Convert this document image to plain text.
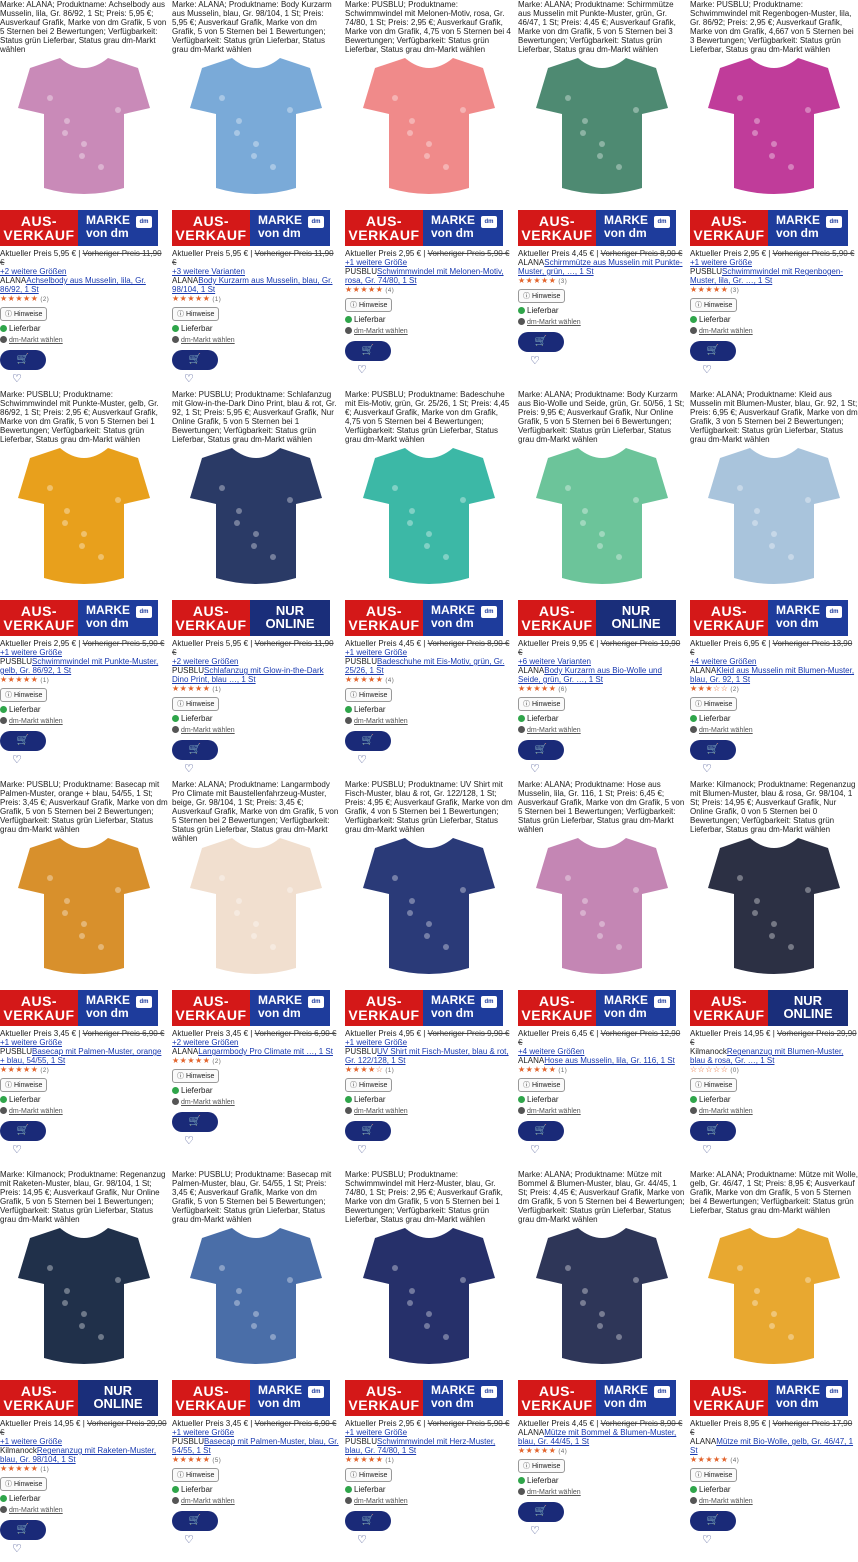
Marke: ALANA; Produktname: Achselbody aus Musselin, lila, Gr. 86/92, 1 St; Preis: 5,95 €; Ausverkauf Grafik, Marke von dm Grafik, 5 von 5 Sternen bei 2 Bewertungen; Verfügbarkeit: Status grün Lieferbar, Status grau dm-Markt wählen
AUS-
VERKAUF
MARKE
von dm
dm
Aktueller Preis 5,95 € | Vorheriger Preis 11,90 €
+2 weitere Größen
ALANAAchselbody aus Musselin, lila, Gr. 86/92, 1 St
★★★★★ (2)
ⓘ Hinweise
Lieferbar
dm-Markt wählen
🛒
♡
Marke: ALANA; Produktname: Body Kurzarm aus Musselin, blau, Gr. 98/104, 1 St; Preis: 5,95 €; Ausverkauf Grafik, Marke von dm Grafik, 5 von 5 Sternen bei 1 Bewertungen; Verfügbarkeit: Status grün Lieferbar, Status grau dm-Markt wählen
AUS-
VERKAUF
MARKE
von dm
dm
Aktueller Preis 5,95 € | Vorheriger Preis 11,90 €
+3 weitere Varianten
ALANABody Kurzarm aus Musselin, blau, Gr. 98/104, 1 St
★★★★★ (1)
ⓘ Hinweise
Lieferbar
dm-Markt wählen
🛒
♡
Marke: PUSBLU; Produktname: Schwimmwindel mit Melonen-Motiv, rosa, Gr. 74/80, 1 St; Preis: 2,95 €; Ausverkauf Grafik, Marke von dm Grafik, 4,75 von 5 Sternen bei 4 Bewertungen; Verfügbarkeit: Status grün Lieferbar, Status grau dm-Markt wählen
AUS-
VERKAUF
MARKE
von dm
dm
Aktueller Preis 2,95 € | Vorheriger Preis 5,90 €
+1 weitere Größe
PUSBLUSchwimmwindel mit Melonen-Motiv, rosa, Gr. 74/80, 1 St
★★★★★ (4)
ⓘ Hinweise
Lieferbar
dm-Markt wählen
🛒
♡
Marke: ALANA; Produktname: Schirmmütze aus Musselin mit Punkte-Muster, grün, Gr. 46/47, 1 St; Preis: 4,45 €; Ausverkauf Grafik, Marke von dm Grafik, 5 von 5 Sternen bei 3 Bewertungen; Verfügbarkeit: Status grün Lieferbar, Status grau dm-Markt wählen
AUS-
VERKAUF
MARKE
von dm
dm
Aktueller Preis 4,45 € | Vorheriger Preis 8,90 €
ALANASchirmmütze aus Musselin mit Punkte-Muster, grün, …, 1 St
★★★★★ (3)
ⓘ Hinweise
Lieferbar
dm-Markt wählen
🛒
♡
Marke: PUSBLU; Produktname: Schwimmwindel mit Regenbogen-Muster, lila, Gr. 86/92; Preis: 2,95 €; Ausverkauf Grafik, Marke von dm Grafik, 4,667 von 5 Sternen bei 3 Bewertungen; Verfügbarkeit: Status grün Lieferbar, Status grau dm-Markt wählen
AUS-
VERKAUF
MARKE
von dm
dm
Aktueller Preis 2,95 € | Vorheriger Preis 5,90 €
+1 weitere Größe
PUSBLUSchwimmwindel mit Regenbogen-Muster, lila, Gr. …, 1 St
★★★★★ (3)
ⓘ Hinweise
Lieferbar
dm-Markt wählen
🛒
♡
Marke: PUSBLU; Produktname: Schwimmwindel mit Punkte-Muster, gelb, Gr. 86/92, 1 St; Preis: 2,95 €; Ausverkauf Grafik, Marke von dm Grafik, 5 von 5 Sternen bei 1 Bewertungen; Verfügbarkeit: Status grün Lieferbar, Status grau dm-Markt wählen
AUS-
VERKAUF
MARKE
von dm
dm
Aktueller Preis 2,95 € | Vorheriger Preis 5,90 €
+1 weitere Größe
PUSBLUSchwimmwindel mit Punkte-Muster, gelb, Gr. 86/92, 1 St
★★★★★ (1)
ⓘ Hinweise
Lieferbar
dm-Markt wählen
🛒
♡
Marke: PUSBLU; Produktname: Schlafanzug mit Glow-in-the-Dark Dino Print, blau & rot, Gr. 92, 1 St; Preis: 5,95 €; Ausverkauf Grafik, Nur Online Grafik, 5 von 5 Sternen bei 1 Bewertungen; Verfügbarkeit: Status grün Lieferbar, Status grau dm-Markt wählen
AUS-
VERKAUF
NUR
ONLINE
Aktueller Preis 5,95 € | Vorheriger Preis 11,90 €
+2 weitere Größen
PUSBLUSchlafanzug mit Glow-in-the-Dark Dino Print, blau …, 1 St
★★★★★ (1)
ⓘ Hinweise
Lieferbar
dm-Markt wählen
🛒
♡
Marke: PUSBLU; Produktname: Badeschuhe mit Eis-Motiv, grün, Gr. 25/26, 1 St; Preis: 4,45 €; Ausverkauf Grafik, Marke von dm Grafik, 4,75 von 5 Sternen bei 4 Bewertungen; Verfügbarkeit: Status grün Lieferbar, Status grau dm-Markt wählen
AUS-
VERKAUF
MARKE
von dm
dm
Aktueller Preis 4,45 € | Vorheriger Preis 8,90 €
+1 weitere Größe
PUSBLUBadeschuhe mit Eis-Motiv, grün, Gr. 25/26, 1 St
★★★★★ (4)
ⓘ Hinweise
Lieferbar
dm-Markt wählen
🛒
♡
Marke: ALANA; Produktname: Body Kurzarm aus Bio-Wolle und Seide, grün, Gr. 50/56, 1 St; Preis: 9,95 €; Ausverkauf Grafik, Nur Online Grafik, 5 von 5 Sternen bei 6 Bewertungen; Verfügbarkeit: Status grün Lieferbar, Status grau dm-Markt wählen
AUS-
VERKAUF
NUR
ONLINE
Aktueller Preis 9,95 € | Vorheriger Preis 19,90 €
+6 weitere Varianten
ALANABody Kurzarm aus Bio-Wolle und Seide, grün, Gr. …, 1 St
★★★★★ (6)
ⓘ Hinweise
Lieferbar
dm-Markt wählen
🛒
♡
Marke: ALANA; Produktname: Kleid aus Musselin mit Blumen-Muster, blau, Gr. 92, 1 St; Preis: 6,95 €; Ausverkauf Grafik, Marke von dm Grafik, 3 von 5 Sternen bei 2 Bewertungen; Verfügbarkeit: Status grün Lieferbar, Status grau dm-Markt wählen
AUS-
VERKAUF
MARKE
von dm
dm
Aktueller Preis 6,95 € | Vorheriger Preis 13,90 €
+4 weitere Größen
ALANAKleid aus Musselin mit Blumen-Muster, blau, Gr. 92, 1 St
★★★☆☆ (2)
ⓘ Hinweise
Lieferbar
dm-Markt wählen
🛒
♡
Marke: PUSBLU; Produktname: Basecap mit Palmen-Muster, orange + blau, 54/55, 1 St; Preis: 3,45 €; Ausverkauf Grafik, Marke von dm Grafik, 5 von 5 Sternen bei 2 Bewertungen; Verfügbarkeit: Status grün Lieferbar, Status grau dm-Markt wählen
AUS-
VERKAUF
MARKE
von dm
dm
Aktueller Preis 3,45 € | Vorheriger Preis 6,90 €
+1 weitere Größe
PUSBLUBasecap mit Palmen-Muster, orange + blau, 54/55, 1 St
★★★★★ (2)
ⓘ Hinweise
Lieferbar
dm-Markt wählen
🛒
♡
Marke: ALANA; Produktname: Langarmbody Pro Climate mit Baustellenfahrzeug-Muster, beige, Gr. 98/104, 1 St; Preis: 3,45 €; Ausverkauf Grafik, Marke von dm Grafik, 5 von 5 Sternen bei 2 Bewertungen; Verfügbarkeit: Status grün Lieferbar, Status grau dm-Markt wählen
AUS-
VERKAUF
MARKE
von dm
dm
Aktueller Preis 3,45 € | Vorheriger Preis 6,90 €
+2 weitere Größen
ALANALangarmbody Pro Climate mit …, 1 St
★★★★★ (2)
ⓘ Hinweise
Lieferbar
dm-Markt wählen
🛒
♡
Marke: PUSBLU; Produktname: UV Shirt mit Fisch-Muster, blau & rot, Gr. 122/128, 1 St; Preis: 4,95 €; Ausverkauf Grafik, Marke von dm Grafik, 4 von 5 Sternen bei 1 Bewertungen; Verfügbarkeit: Status grün Lieferbar, Status grau dm-Markt wählen
AUS-
VERKAUF
MARKE
von dm
dm
Aktueller Preis 4,95 € | Vorheriger Preis 9,90 €
+1 weitere Größe
PUSBLUUV Shirt mit Fisch-Muster, blau & rot, Gr. 122/128, 1 St
★★★★☆ (1)
ⓘ Hinweise
Lieferbar
dm-Markt wählen
🛒
♡
Marke: ALANA; Produktname: Hose aus Musselin, lila, Gr. 116, 1 St; Preis: 6,45 €; Ausverkauf Grafik, Marke von dm Grafik, 5 von 5 Sternen bei 1 Bewertungen; Verfügbarkeit: Status grün Lieferbar, Status grau dm-Markt wählen
AUS-
VERKAUF
MARKE
von dm
dm
Aktueller Preis 6,45 € | Vorheriger Preis 12,90 €
+4 weitere Größen
ALANAHose aus Musselin, lila, Gr. 116, 1 St
★★★★★ (1)
ⓘ Hinweise
Lieferbar
dm-Markt wählen
🛒
♡
Marke: Kilmanock; Produktname: Regenanzug mit Blumen-Muster, blau & rosa, Gr. 98/104, 1 St; Preis: 14,95 €; Ausverkauf Grafik, Nur Online Grafik, 0 von 5 Sternen bei 0 Bewertungen; Verfügbarkeit: Status grün Lieferbar, Status grau dm-Markt wählen
AUS-
VERKAUF
NUR
ONLINE
Aktueller Preis 14,95 € | Vorheriger Preis 29,90 €
KilmanockRegenanzug mit Blumen-Muster, blau & rosa, Gr. …, 1 St
☆☆☆☆☆ (0)
ⓘ Hinweise
Lieferbar
dm-Markt wählen
🛒
♡
Marke: Kilmanock; Produktname: Regenanzug mit Raketen-Muster, blau, Gr. 98/104, 1 St; Preis: 14,95 €; Ausverkauf Grafik, Nur Online Grafik, 5 von 5 Sternen bei 1 Bewertungen; Verfügbarkeit: Status grün Lieferbar, Status grau dm-Markt wählen
AUS-
VERKAUF
NUR
ONLINE
Aktueller Preis 14,95 € | Vorheriger Preis 29,90 €
+1 weitere Größe
KilmanockRegenanzug mit Raketen-Muster, blau, Gr. 98/104, 1 St
★★★★★ (1)
ⓘ Hinweise
Lieferbar
dm-Markt wählen
🛒
♡
Marke: PUSBLU; Produktname: Basecap mit Palmen-Muster, blau, Gr. 54/55, 1 St; Preis: 3,45 €; Ausverkauf Grafik, Marke von dm Grafik, 5 von 5 Sternen bei 5 Bewertungen; Verfügbarkeit: Status grün Lieferbar, Status grau dm-Markt wählen
AUS-
VERKAUF
MARKE
von dm
dm
Aktueller Preis 3,45 € | Vorheriger Preis 6,90 €
+1 weitere Größe
PUSBLUBasecap mit Palmen-Muster, blau, Gr. 54/55, 1 St
★★★★★ (5)
ⓘ Hinweise
Lieferbar
dm-Markt wählen
🛒
♡
Marke: PUSBLU; Produktname: Schwimmwindel mit Herz-Muster, blau, Gr. 74/80, 1 St; Preis: 2,95 €; Ausverkauf Grafik, Marke von dm Grafik, 5 von 5 Sternen bei 1 Bewertungen; Verfügbarkeit: Status grün Lieferbar, Status grau dm-Markt wählen
AUS-
VERKAUF
MARKE
von dm
dm
Aktueller Preis 2,95 € | Vorheriger Preis 5,90 €
+1 weitere Größe
PUSBLUSchwimmwindel mit Herz-Muster, blau, Gr. 74/80, 1 St
★★★★★ (1)
ⓘ Hinweise
Lieferbar
dm-Markt wählen
🛒
♡
Marke: ALANA; Produktname: Mütze mit Bommel & Blumen-Muster, blau, Gr. 44/45, 1 St; Preis: 4,45 €; Ausverkauf Grafik, Marke von dm Grafik, 5 von 5 Sternen bei 4 Bewertungen; Verfügbarkeit: Status grün Lieferbar, Status grau dm-Markt wählen
AUS-
VERKAUF
MARKE
von dm
dm
Aktueller Preis 4,45 € | Vorheriger Preis 8,90 €
ALANAMütze mit Bommel & Blumen-Muster, blau, Gr. 44/45, 1 St
★★★★★ (4)
ⓘ Hinweise
Lieferbar
dm-Markt wählen
🛒
♡
Marke: ALANA; Produktname: Mütze mit Wolle, gelb, Gr. 46/47, 1 St; Preis: 8,95 €; Ausverkauf Grafik, Marke von dm Grafik, 5 von 5 Sternen bei 4 Bewertungen; Verfügbarkeit: Status grün Lieferbar, Status grau dm-Markt wählen
AUS-
VERKAUF
MARKE
von dm
dm
Aktueller Preis 8,95 € | Vorheriger Preis 17,90 €
ALANAMütze mit Bio-Wolle, gelb, Gr. 46/47, 1 St
★★★★★ (4)
ⓘ Hinweise
Lieferbar
dm-Markt wählen
🛒
♡
